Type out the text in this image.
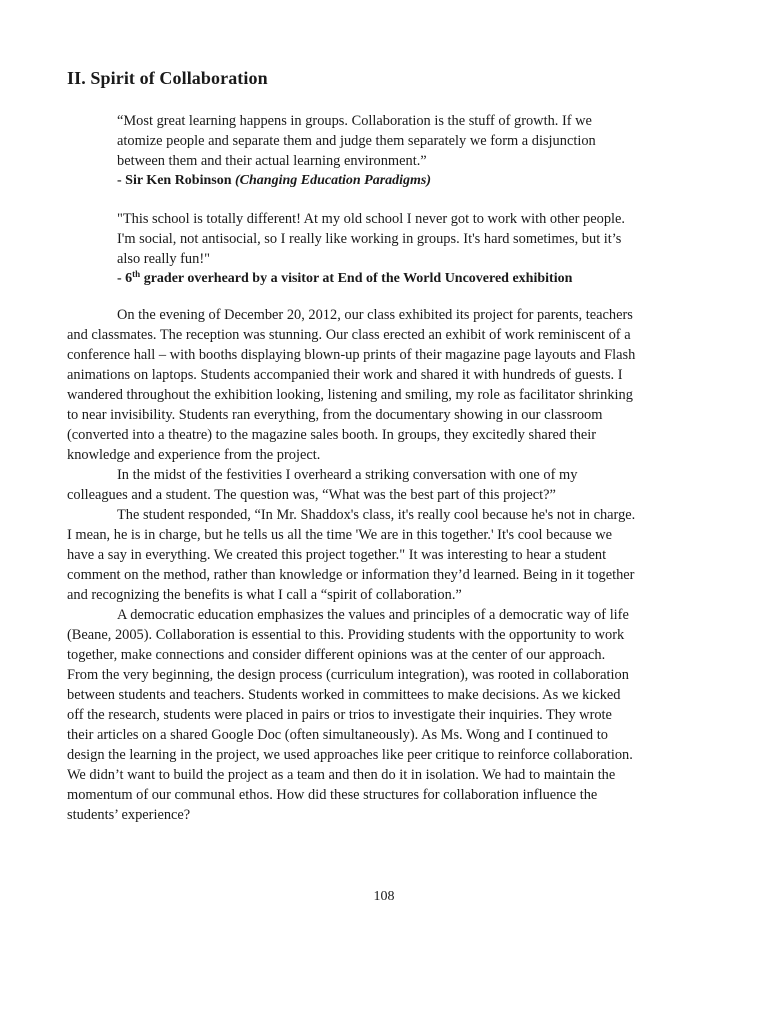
II. Spirit of Collaboration
“Most great learning happens in groups. Collaboration is the stuff of growth. If we atomize people and separate them and judge them separately we form a disjunction between them and their actual learning environment.”
- Sir Ken Robinson (Changing Education Paradigms)
"This school is totally different! At my old school I never got to work with other people. I'm social, not antisocial, so I really like working in groups. It's hard sometimes, but it’s also really fun!"
- 6th grader overheard by a visitor at End of the World Uncovered exhibition

On the evening of December 20, 2012, our class exhibited its project for parents, teachers and classmates. The reception was stunning. Our class erected an exhibit of work reminiscent of a conference hall – with booths displaying blown-up prints of their magazine page layouts and Flash animations on laptops. Students accompanied their work and shared it with hundreds of guests. I wandered throughout the exhibition looking, listening and smiling, my role as facilitator shrinking to near invisibility. Students ran everything, from the documentary showing in our classroom (converted into a theatre) to the magazine sales booth. In groups, they excitedly shared their knowledge and experience from the project.

In the midst of the festivities I overheard a striking conversation with one of my colleagues and a student. The question was, “What was the best part of this project?”

The student responded, “In Mr. Shaddox's class, it's really cool because he's not in charge. I mean, he is in charge, but he tells us all the time 'We are in this together.' It's cool because we have a say in everything. We created this project together." It was interesting to hear a student comment on the method, rather than knowledge or information they’d learned. Being in it together and recognizing the benefits is what I call a “spirit of collaboration.”

A democratic education emphasizes the values and principles of a democratic way of life (Beane, 2005). Collaboration is essential to this. Providing students with the opportunity to work together, make connections and consider different opinions was at the center of our approach. From the very beginning, the design process (curriculum integration), was rooted in collaboration between students and teachers. Students worked in committees to make decisions. As we kicked off the research, students were placed in pairs or trios to investigate their inquiries. They wrote their articles on a shared Google Doc (often simultaneously). As Ms. Wong and I continued to design the learning in the project, we used approaches like peer critique to reinforce collaboration. We didn’t want to build the project as a team and then do it in isolation. We had to maintain the momentum of our communal ethos. How did these structures for collaboration influence the students’ experience?

108
